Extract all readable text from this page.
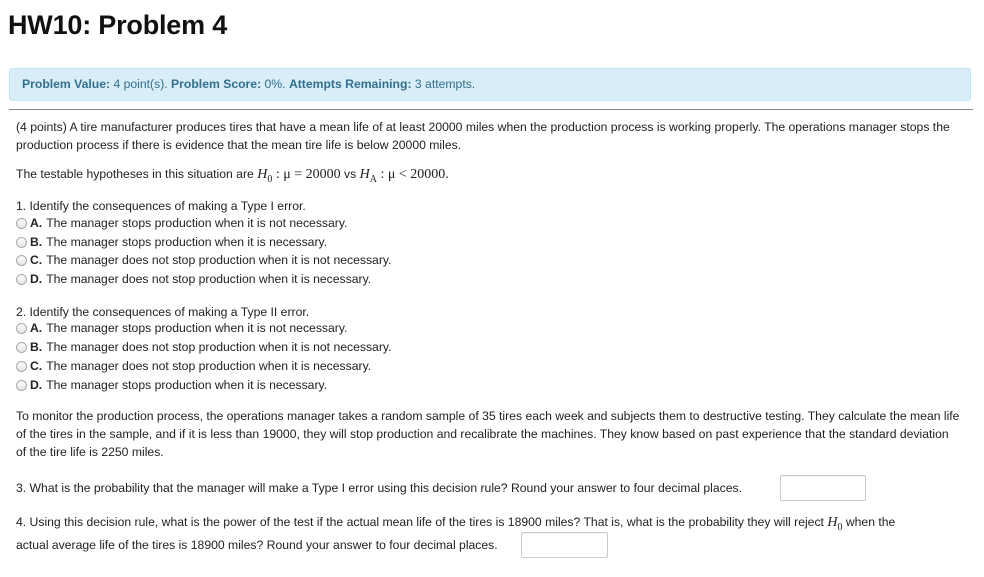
HW10: Problem 4
Problem Value: 4 point(s). Problem Score: 0%. Attempts Remaining: 3 attempts.
(4 points) A tire manufacturer produces tires that have a mean life of at least 20000 miles when the production process is working properly. The operations manager stops the production process if there is evidence that the mean tire life is below 20000 miles.
The testable hypotheses in this situation are $H_0$ : μ = 20000 vs $H_A$ : μ < 20000.
1. Identify the consequences of making a Type I error.
A. The manager stops production when it is not necessary.
B. The manager stops production when it is necessary.
C. The manager does not stop production when it is not necessary.
D. The manager does not stop production when it is necessary.
2. Identify the consequences of making a Type II error.
A. The manager stops production when it is not necessary.
B. The manager does not stop production when it is not necessary.
C. The manager does not stop production when it is necessary.
D. The manager stops production when it is necessary.
To monitor the production process, the operations manager takes a random sample of 35 tires each week and subjects them to destructive testing. They calculate the mean life of the tires in the sample, and if it is less than 19000, they will stop production and recalibrate the machines. They know based on past experience that the standard deviation of the tire life is 2250 miles.
3. What is the probability that the manager will make a Type I error using this decision rule? Round your answer to four decimal places.
4. Using this decision rule, what is the power of the test if the actual mean life of the tires is 18900 miles? That is, what is the probability they will reject $H_0$ when the
actual average life of the tires is 18900 miles? Round your answer to four decimal places.
